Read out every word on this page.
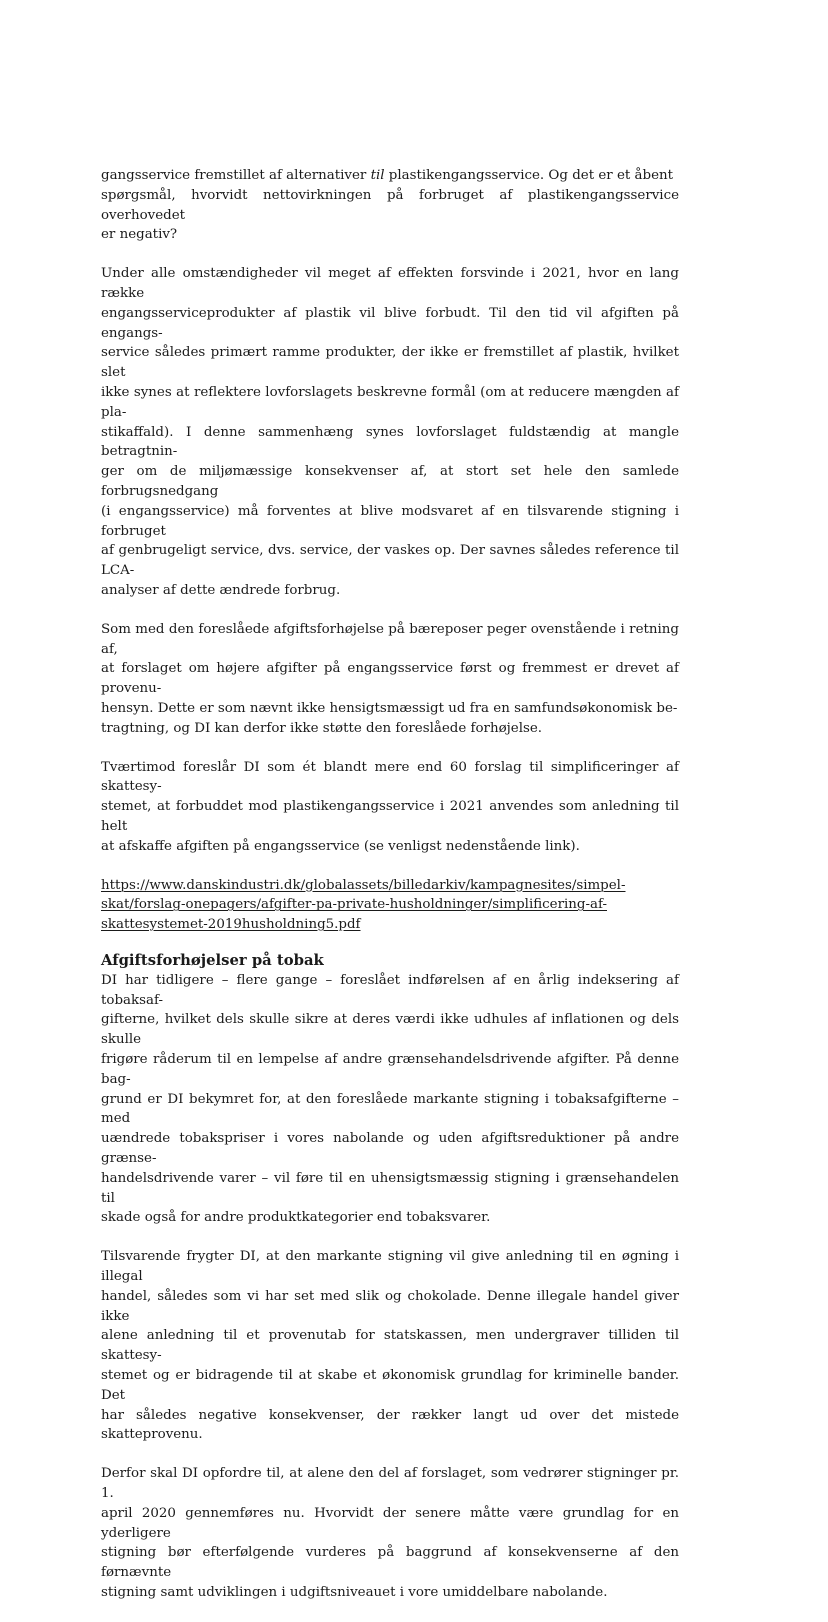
gangsservice fremstillet af alternativer til plastikengangsservice. Og det er et åbent
spørgsmål, hvorvidt nettovirkningen på forbruget af plastikengangsservice overhovedet
er negativ?

Under alle omstændigheder vil meget af effekten forsvinde i 2021, hvor en lang række
engangsserviceprodukter af plastik vil blive forbudt. Til den tid vil afgiften på engangs-
service således primært ramme produkter, der ikke er fremstillet af plastik, hvilket slet
ikke synes at reflektere lovforslagets beskrevne formål (om at reducere mængden af pla-
stikaffald). I denne sammenhæng synes lovforslaget fuldstændig at mangle betragtnin-
ger om de miljømæssige konsekvenser af, at stort set hele den samlede forbrugsnedgang
(i engangsservice) må forventes at blive modsvaret af en tilsvarende stigning i forbruget
af genbrugeligt service, dvs. service, der vaskes op. Der savnes således reference til LCA-
analyser af dette ændrede forbrug.

Som med den foreslåede afgiftsforhøjelse på bæreposer peger ovenstående i retning af,
at forslaget om højere afgifter på engangsservice først og fremmest er drevet af provenu-
hensyn. Dette er som nævnt ikke hensigtsmæssigt ud fra en samfundsøkonomisk be-
tragtning, og DI kan derfor ikke støtte den foreslåede forhøjelse.

Tværtimod foreslår DI som ét blandt mere end 60 forslag til simplificeringer af skattesy-
stemet, at forbuddet mod plastikengangsservice i 2021 anvendes som anledning til helt
at afskaffe afgiften på engangsservice (se venligst nedenstående link).

https://www.danskindustri.dk/globalassets/billedarkiv/kampagnesites/simpel-
skat/forslag-onepagers/afgifter-pa-private-husholdninger/simplificering-af-
skattesystemet-2019husholdning5.pdf

Afgiftsforhøjelser på tobak

DI har tidligere – flere gange – foreslået indførelsen af en årlig indeksering af tobaksaf-
gifterne, hvilket dels skulle sikre at deres værdi ikke udhules af inflationen og dels skulle
frigøre råderum til en lempelse af andre grænsehandelsdrivende afgifter. På denne bag-
grund er DI bekymret for, at den foreslåede markante stigning i tobaksafgifterne – med
uændrede tobakspriser i vores nabolande og uden afgiftsreduktioner på andre grænse-
handelsdrivende varer – vil føre til en uhensigtsmæssig stigning i grænsehandelen til
skade også for andre produktkategorier end tobaksvarer.

Tilsvarende frygter DI, at den markante stigning vil give anledning til en øgning i illegal
handel, således som vi har set med slik og chokolade. Denne illegale handel giver ikke
alene anledning til et provenutab for statskassen, men undergraver tilliden til skattesy-
stemet og er bidragende til at skabe et økonomisk grundlag for kriminelle bander. Det
har således negative konsekvenser, der rækker langt ud over det mistede skatteprovenu.

Derfor skal DI opfordre til, at alene den del af forslaget, som vedrører stigninger pr. 1.
april 2020 gennemføres nu. Hvorvidt der senere måtte være grundlag for en yderligere
stigning bør efterfølgende vurderes på baggrund af konsekvenserne af den førnævnte
stigning samt udviklingen i udgiftsniveauet i vore umiddelbare nabolande.
